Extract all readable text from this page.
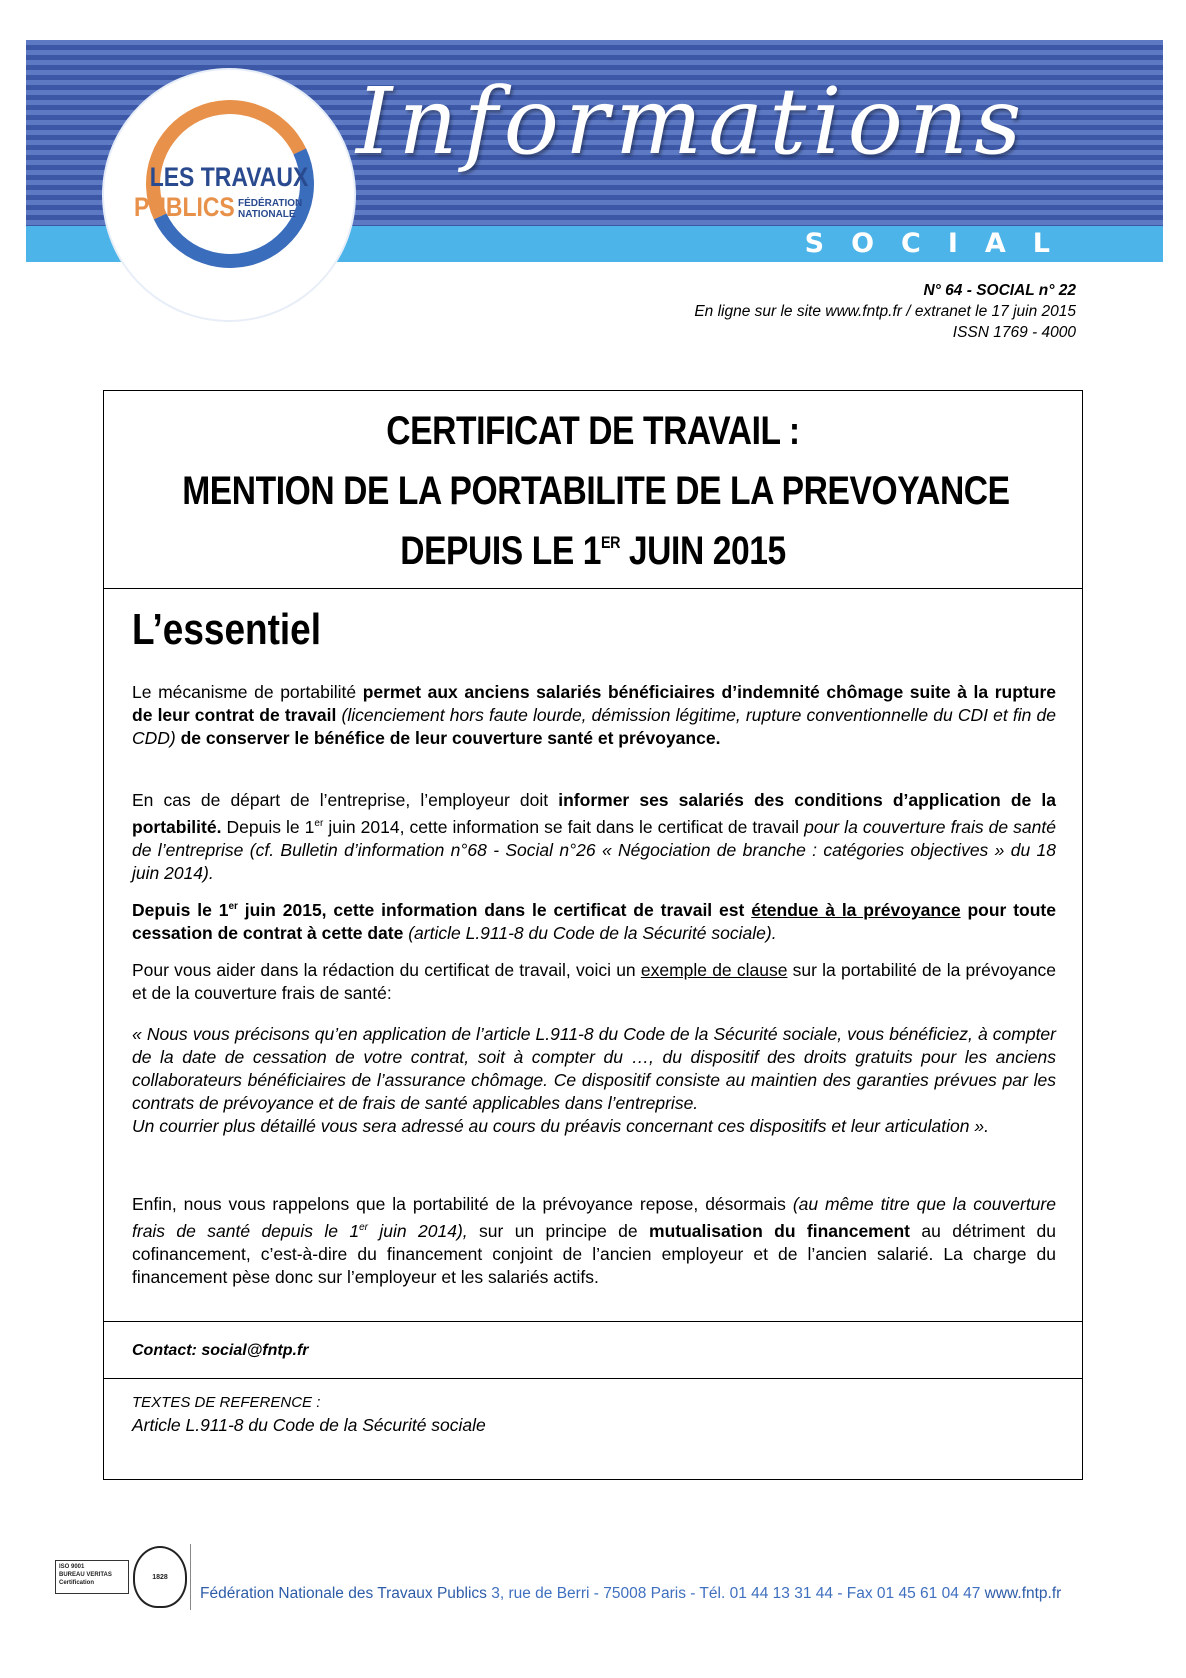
SOCIAL
Informations
LES TRAVAUX
PUBLICS FÉDÉRATION
NATIONALE
N° 64 - SOCIAL n° 22
En ligne sur le site www.fntp.fr / extranet le 17 juin 2015
ISSN 1769 - 4000
CERTIFICAT DE TRAVAIL :
MENTION DE LA PORTABILITE DE LA PREVOYANCE
DEPUIS LE 1ER JUIN 2015
L’essentiel
Le mécanisme de portabilité permet aux anciens salariés bénéficiaires d’indemnité chômage suite à la rupture de leur contrat de travail (licenciement hors faute lourde, démission légitime, rupture conventionnelle du CDI et fin de CDD) de conserver le bénéfice de leur couverture santé et prévoyance.
En cas de départ de l’entreprise, l’employeur doit informer ses salariés des conditions d’application de la portabilité. Depuis le 1er juin 2014, cette information se fait dans le certificat de travail pour la couverture frais de santé de l’entreprise (cf. Bulletin d’information n°68 - Social n°26 « Négociation de branche : catégories objectives » du 18 juin 2014).
Depuis le 1er juin 2015, cette information dans le certificat de travail est étendue à la prévoyance pour toute cessation de contrat à cette date (article L.911-8 du Code de la Sécurité sociale).
Pour vous aider dans la rédaction du certificat de travail, voici un exemple de clause sur la portabilité de la prévoyance et de la couverture frais de santé:
« Nous vous précisons qu’en application de l’article L.911-8 du Code de la Sécurité sociale, vous bénéficiez, à compter de la date de cessation de votre contrat, soit à compter du …, du dispositif des droits gratuits pour les anciens collaborateurs bénéficiaires de l’assurance chômage. Ce dispositif consiste au maintien des garanties prévues par les contrats de prévoyance et de frais de santé applicables dans l’entreprise.
Un courrier plus détaillé vous sera adressé au cours du préavis concernant ces dispositifs et leur articulation ».
Enfin, nous vous rappelons que la portabilité de la prévoyance repose, désormais (au même titre que la couverture frais de santé depuis le 1er juin 2014), sur un principe de mutualisation du financement au détriment du cofinancement, c’est-à-dire du financement conjoint de l’ancien employeur et de l’ancien salarié. La charge du financement pèse donc sur l’employeur et les salariés actifs.
Contact: social@fntp.fr
TEXTES DE REFERENCE :
Article L.911-8 du Code de la Sécurité sociale
ISO 9001
BUREAU VERITAS
Certification
1828
Fédération Nationale des Travaux Publics 3, rue de Berri - 75008 Paris - Tél. 01 44 13 31 44 - Fax 01 45 61 04 47 www.fntp.fr
